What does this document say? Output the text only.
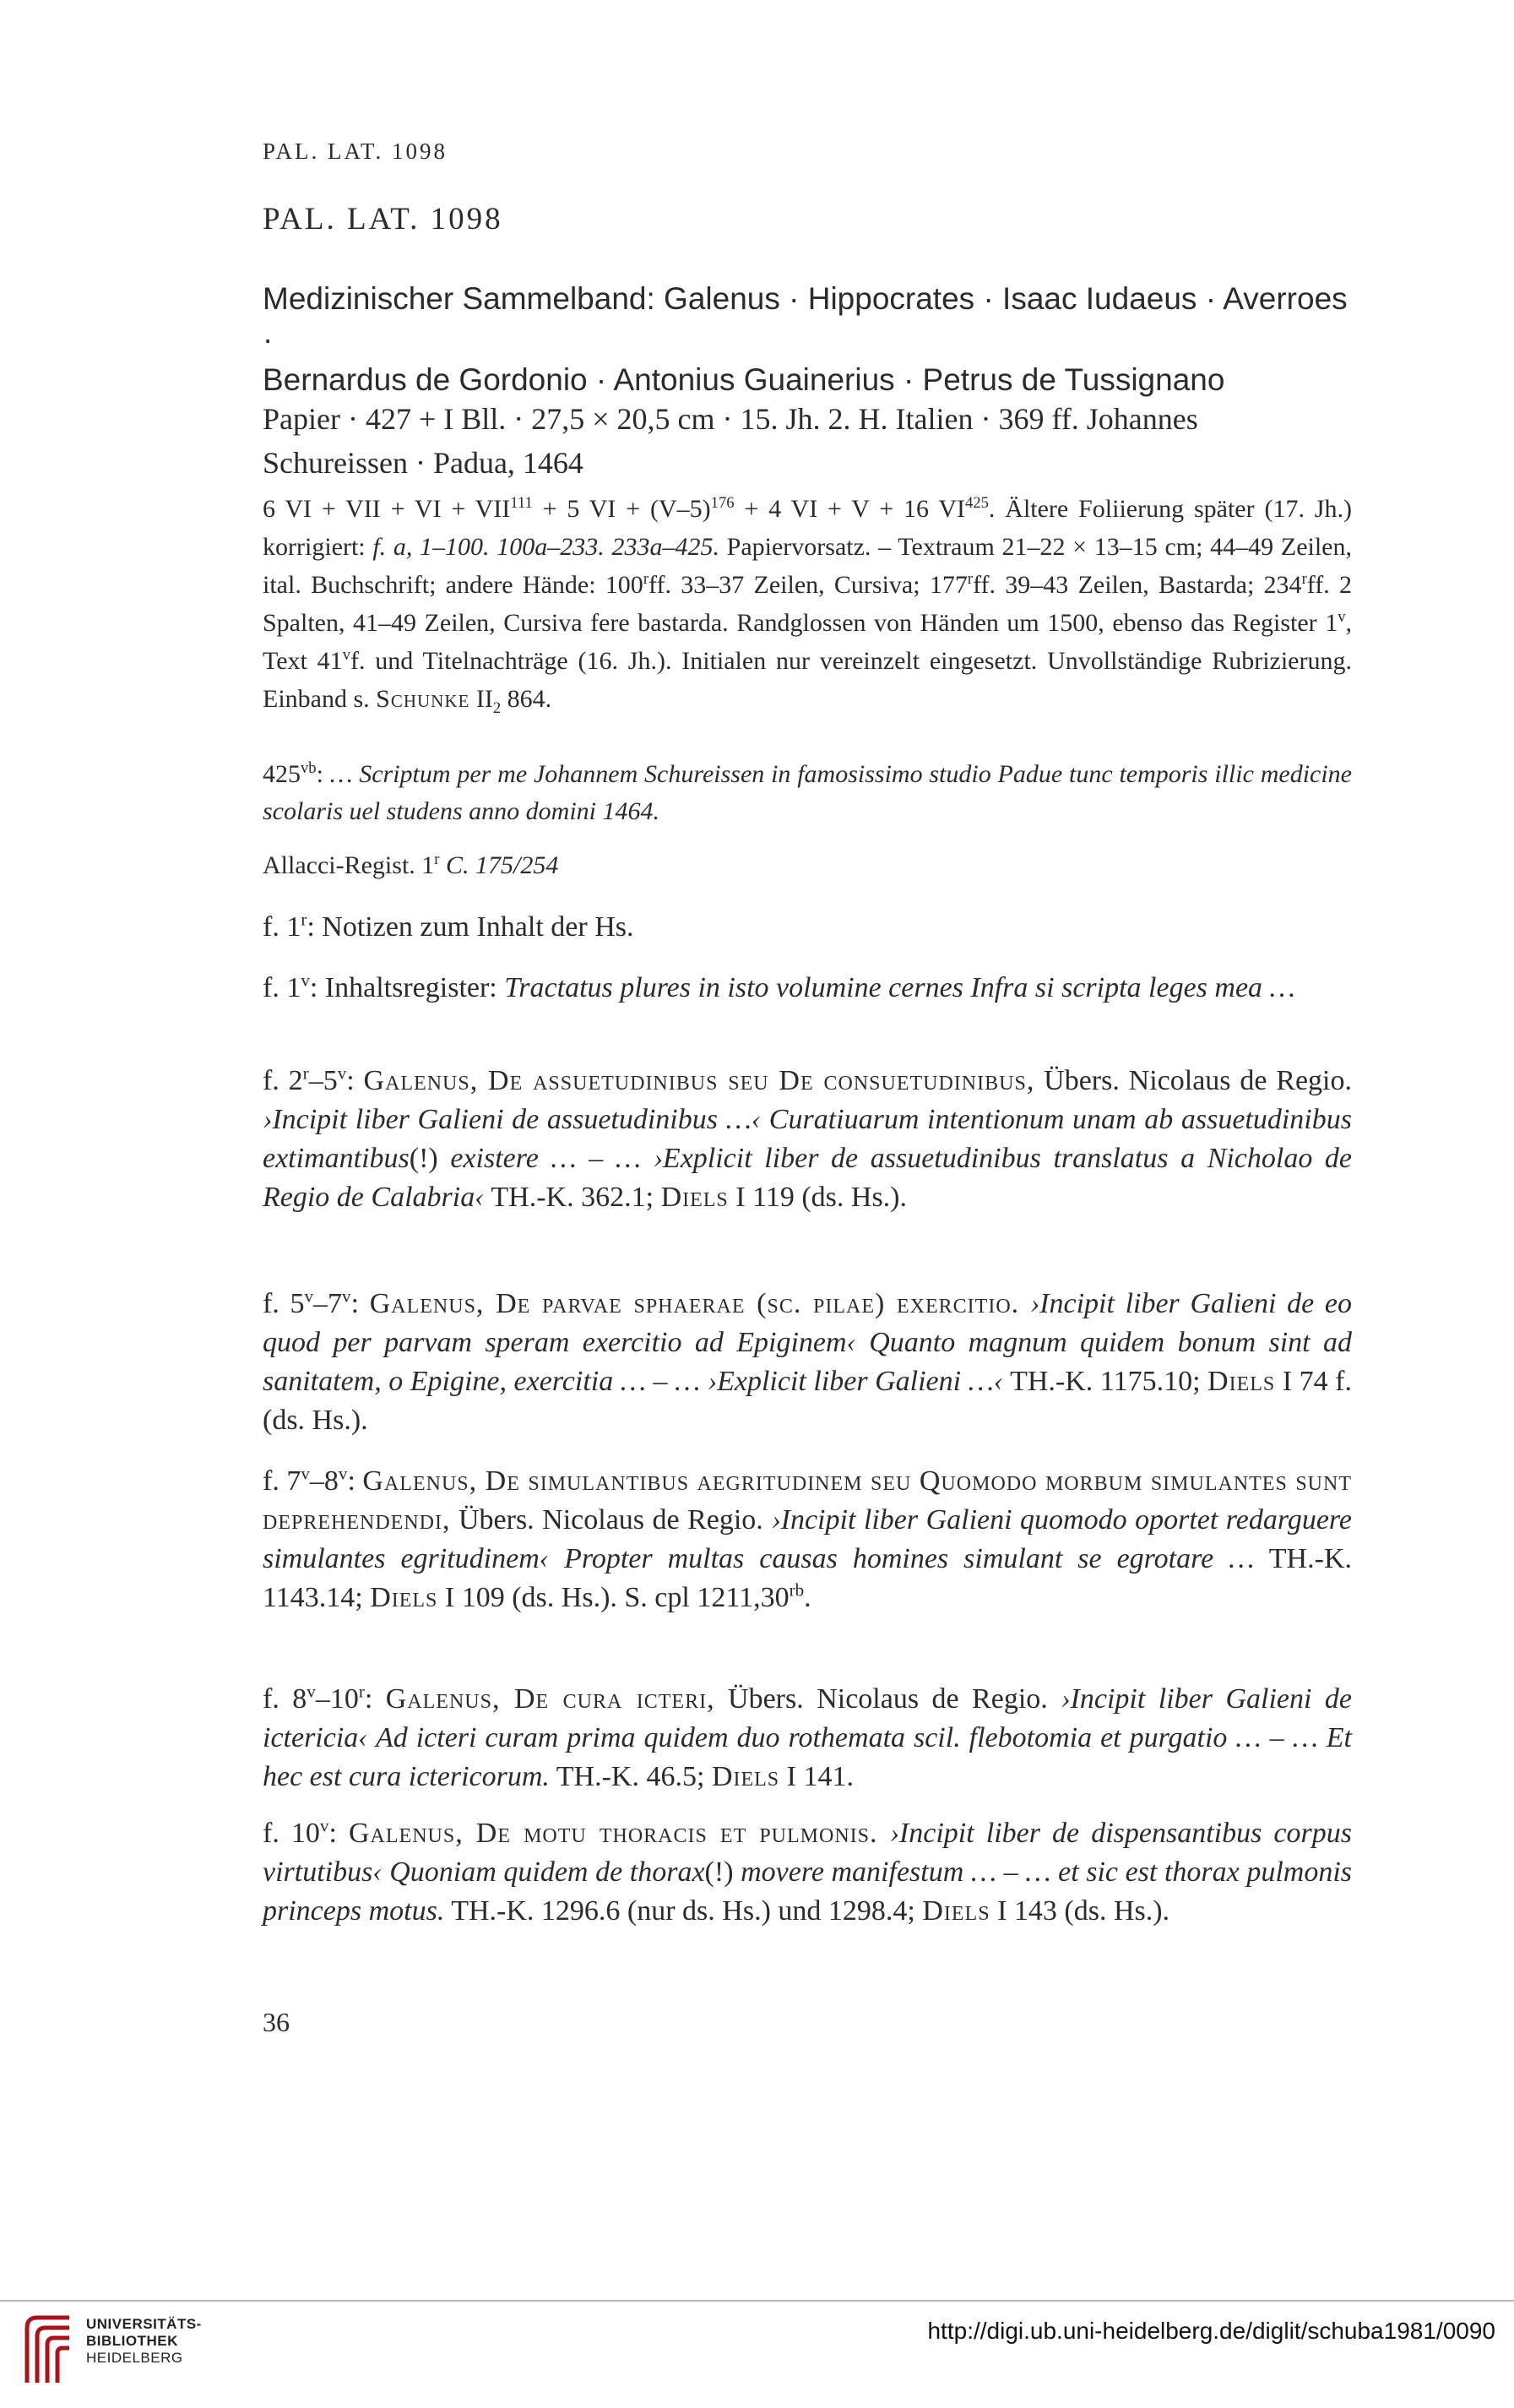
PAL. LAT. 1098
PAL. LAT. 1098
Medizinischer Sammelband: Galenus · Hippocrates · Isaac Iudaeus · Averroes ·
Bernardus de Gordonio · Antonius Guainerius · Petrus de Tussignano
Papier · 427 + I Bll. · 27,5 × 20,5 cm · 15. Jh. 2. H. Italien · 369 ff. Johannes
Schureissen · Padua, 1464
6 VI + VII + VI + $VII^{111} + 5$ VI + $(V-5)^{176} + 4$ VI + V + 16 VI$^{425}$. Ältere Foliierung später (17. Jh.) korrigiert: f. a, 1–100. 100a–233. 233a–425. Papiervorsatz. – Textraum 21–22 × 13–15 cm; 44–49 Zeilen, ital. Buchschrift; andere Hände: 100$^r$ff. 33–37 Zeilen, Cursiva; 177$^r$ff. 39–43 Zeilen, Bastarda; 234$^r$ff. 2 Spalten, 41–49 Zeilen, Cursiva fere bastarda. Randglossen von Händen um 1500, ebenso das Register 1$^v$, Text 41$^v$f. und Titelnachträge (16. Jh.). Initialen nur vereinzelt eingesetzt. Unvollständige Rubrizierung. Einband s. Schunke $II_2$ 864.
$425^{vb}$: … Scriptum per me Johannem Schureissen in famosissimo studio Padue tunc temporis illic medicine scolaris uel studens anno domini 1464.
Allacci-Regist. 1$^r$ C. 175/254
f. 1$^r$: Notizen zum Inhalt der Hs.
f. 1$^v$: Inhaltsregister: Tractatus plures in isto volumine cernes Infra si scripta leges mea …
f. 2$^r$–5$^v$: Galenus, De assuetudinibus seu De consuetudinibus, Übers. Nicolaus de Regio. ›Incipit liber Galieni de assuetudinibus …‹ Curatiuarum intentionum unam ab assuetudinibus extimantibus(!) existere … – … ›Explicit liber de assuetudinibus translatus a Nicholao de Regio de Calabria‹ TH.-K. 362.1; Diels I 119 (ds. Hs.).
f. 5$^v$–7$^v$: Galenus, De parvae sphaerae (sc. pilae) exercitio. ›Incipit liber Galieni de eo quod per parvam speram exercitio ad Epiginem‹ Quanto magnum quidem bonum sint ad sanitatem, o Epigine, exercitia … – … ›Explicit liber Galieni …‹ TH.-K. 1175.10; Diels I 74 f. (ds. Hs.).
f. 7$^v$–8$^v$: Galenus, De simulantibus aegritudinem seu Quomodo morbum simulantes sunt deprehendendi, Übers. Nicolaus de Regio. ›Incipit liber Galieni quomodo oportet redarguere simulantes egritudinem‹ Propter multas causas homines simulant se egrotare … TH.-K. 1143.14; Diels I 109 (ds. Hs.). S. cpl $1211,30^{rb}$.
f. 8$^v$–10$^r$: Galenus, De cura icteri, Übers. Nicolaus de Regio. ›Incipit liber Galieni de ictericia‹ Ad icteri curam prima quidem duo rothemata scil. flebotomia et purgatio … – … Et hec est cura ictericorum. TH.-K. 46.5; Diels I 141.
f. 10$^v$: Galenus, De motu thoracis et pulmonis. ›Incipit liber de dispensantibus corpus virtutibus‹ Quoniam quidem de thorax(!) movere manifestum … – … et sic est thorax pulmonis princeps motus. TH.-K. 1296.6 (nur ds. Hs.) und 1298.4; Diels I 143 (ds. Hs.).
36
UNIVERSITÄTS-
BIBLIOTHEK
HEIDELBERG
http://digi.ub.uni-heidelberg.de/diglit/schuba1981/0090
